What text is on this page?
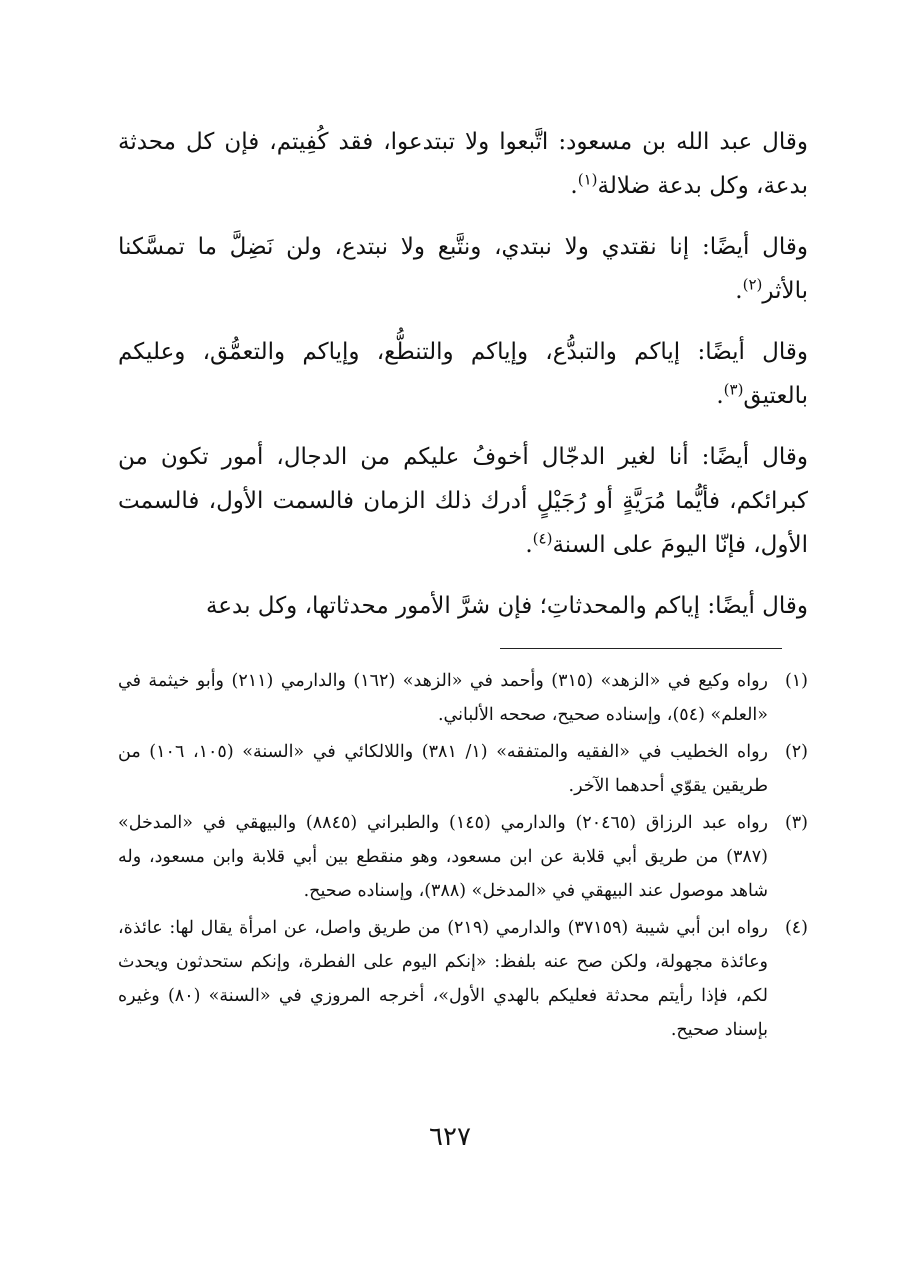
وقال عبد الله بن مسعود: اتَّبعوا ولا تبتدعوا، فقد كُفِيتم، فإن كل محدثة بدعة، وكل بدعة ضلالة$^{(١)}$.

وقال أيضًا: إنا نقتدي ولا نبتدي، ونتَّبع ولا نبتدع، ولن نَضِلَّ ما تمسَّكنا بالأثر$^{(٢)}$.

وقال أيضًا: إياكم والتبدُّع، وإياكم والتنطُّع، وإياكم والتعمُّق، وعليكم بالعتيق$^{(٣)}$.

وقال أيضًا: أنا لغير الدجّال أخوفُ عليكم من الدجال، أمور تكون من كبرائكم، فأيُّما مُرَيَّةٍ أو رُجَيْلٍ أدرك ذلك الزمان فالسمت الأول، فالسمت الأول، فإنّا اليومَ على السنة$^{(٤)}$.

وقال أيضًا: إياكم والمحدثاتِ؛ فإن شرَّ الأمور محدثاتها، وكل بدعة

(١)
رواه وكيع في «الزهد» (٣١٥) وأحمد في «الزهد» (١٦٢) والدارمي (٢١١) وأبو خيثمة في «العلم» (٥٤)، وإسناده صحيح، صححه الألباني.
(٢)
رواه الخطيب في «الفقيه والمتفقه» (١/ ٣٨١) واللالكائي في «السنة» (١٠٥، ١٠٦) من طريقين يقوّي أحدهما الآخر.
(٣)
رواه عبد الرزاق (٢٠٤٦٥) والدارمي (١٤٥) والطبراني (٨٨٤٥) والبيهقي في «المدخل» (٣٨٧) من طريق أبي قلابة عن ابن مسعود، وهو منقطع بين أبي قلابة وابن مسعود، وله شاهد موصول عند البيهقي في «المدخل» (٣٨٨)، وإسناده صحيح.
(٤)
رواه ابن أبي شيبة (٣٧١٥٩) والدارمي (٢١٩) من طريق واصل، عن امرأة يقال لها: عائذة، وعائذة مجهولة، ولكن صح عنه بلفظ: «إنكم اليوم على الفطرة، وإنكم ستحدثون ويحدث لكم، فإذا رأيتم محدثة فعليكم بالهدي الأول»، أخرجه المروزي في «السنة» (٨٠) وغيره بإسناد صحيح.
٦٢٧
